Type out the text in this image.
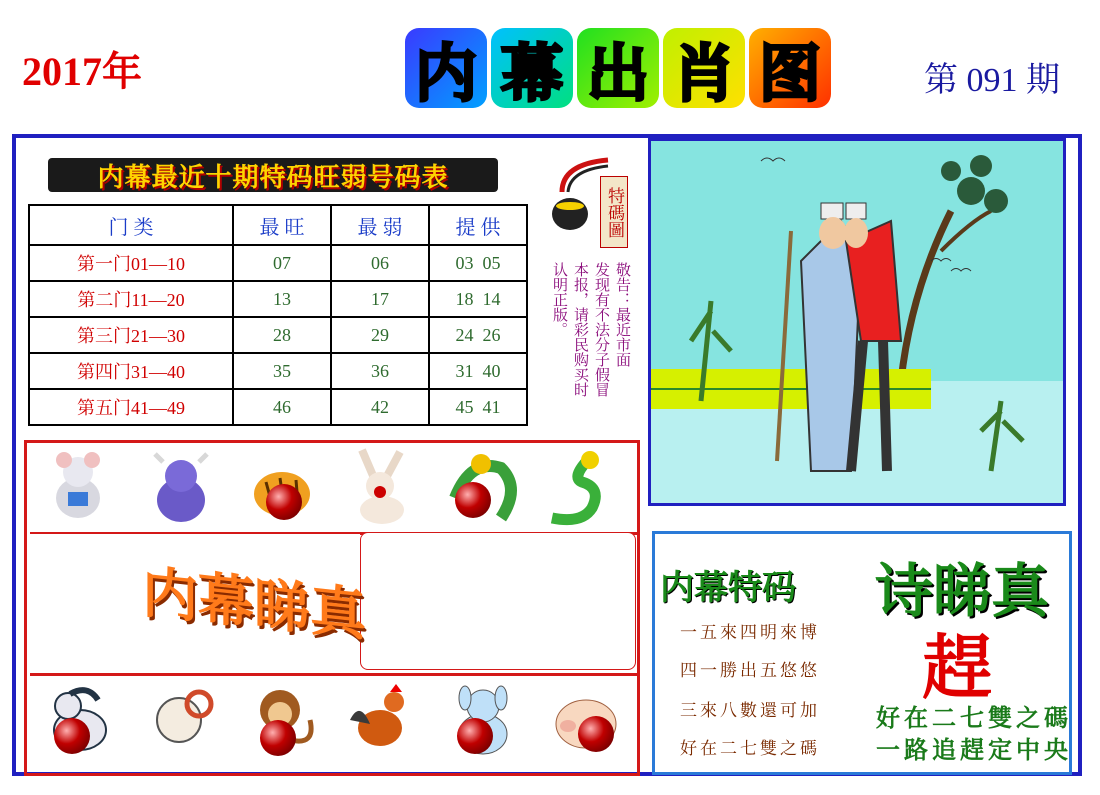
2017年	内 幕 出 肖 图	第 091 期
内幕最近十期特码旺弱号码表
门 类	最 旺	最 弱	提 供
第一门01—10	07	06	03  05
第二门11—20	13	17	18  14
第三门21—30	28	29	24  26
第四门31—40	35	36	31  40
第五门41—49	46	42	45  41
特碼圖
敬告：最近市面
发现有不法分子假冒
本报，请彩民购买时
认明正版。
内幕睇真	内幕特码 诗睇真
一五來四明來博
四一勝出五悠悠
三來八數還可加
好在二七雙之碼
趕
好在二七雙之碼
一路追趕定中央
